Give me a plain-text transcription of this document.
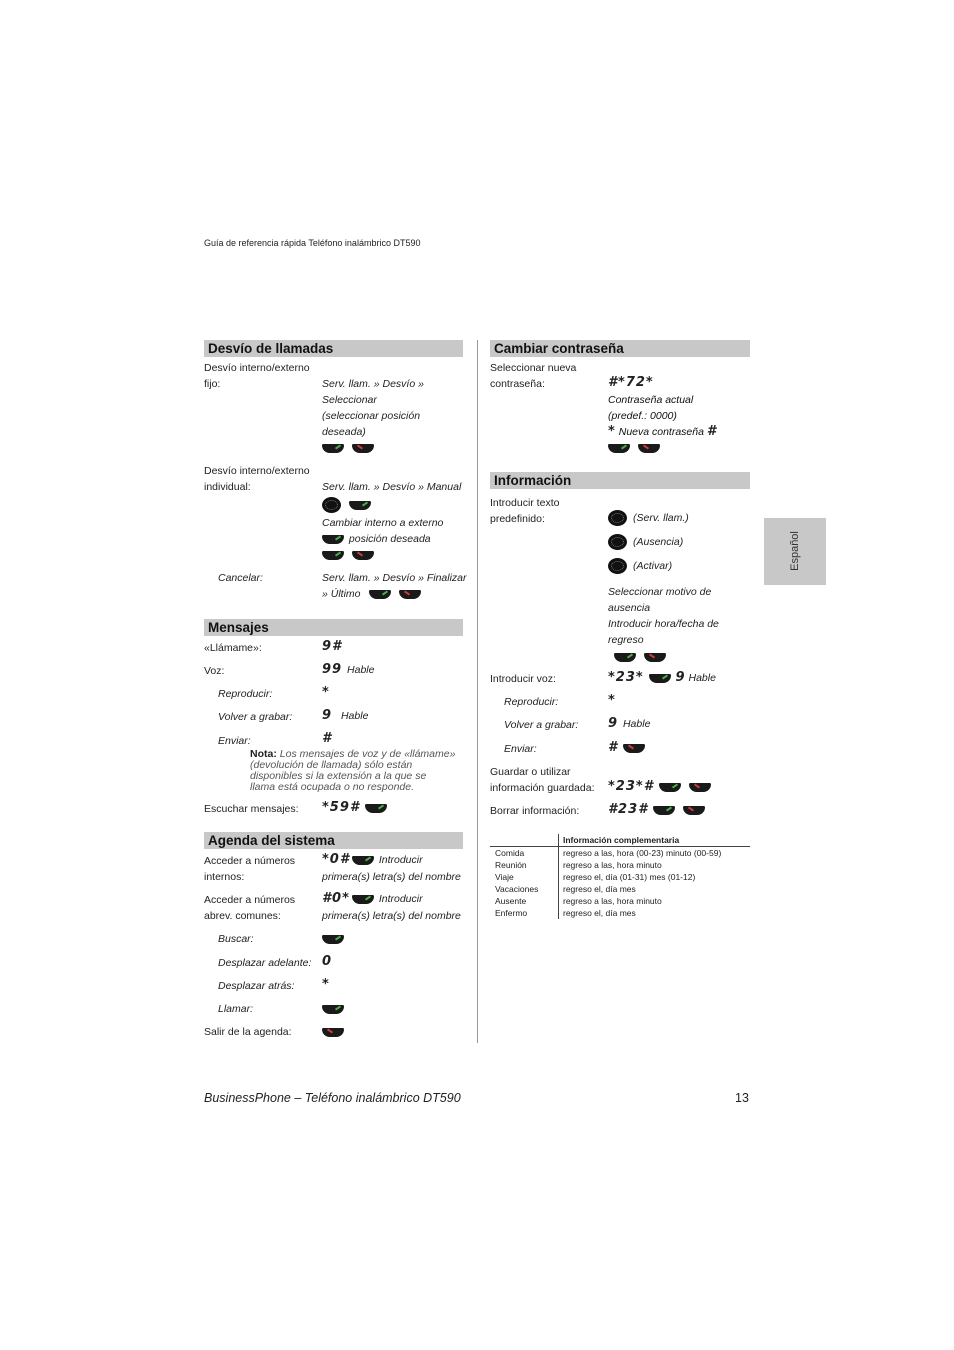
Guía de referencia rápida Teléfono inalámbrico DT590
Español
Desvío de llamadas
Desvío interno/externo
fijo:	Serv. llam. » Desvío »
Seleccionar
(seleccionar posición
deseada)
Desvío interno/externo
individual:	Serv. llam. » Desvío » Manual
Cambiar interno a externo
posición deseada
Cancelar:	Serv. llam. » Desvío » Finalizar
» Último
Mensajes
«Llámame»:	9#
Voz:	99 Hable
Reproducir:	*
Volver a grabar: 9 Hable
Enviar:	#
Nota: Los mensajes de voz y de «llámame»
(devolución de llamada) sólo están
disponibles si la extensión a la que se
llama está ocupada o no responde.
Escuchar mensajes: *59#
Agenda del sistema
Acceder a números
internos:
*0#	Introducir
primera(s) letra(s) del nombre
Acceder a números
abrev. comunes:
#0*	Introducir
primera(s) letra(s) del nombre
Buscar:
Desplazar adelante: 0
Desplazar atrás: *
Llamar:
Salir de la agenda:
Cambiar contraseña
Seleccionar nueva
contraseña:	#*72*
Contraseña actual
(predef.: 0000)
* Nueva contraseña #
Información
Introducir texto
predefinido:	(Serv. llam.)
(Ausencia)
(Activar)
Seleccionar motivo de
ausencia
Introducir hora/fecha de
regreso
Introducir voz:	*23* 9 Hable
Reproducir:	*
Volver a grabar: 9 Hable
Enviar:	#
Guardar o utilizar
información guardada: *23*#
Borrar información: #23#
Información complementaria
Comida	regreso a las, hora (00-23) minuto (00-59)
Reunión	regreso a las, hora minuto
Viaje	regreso el, día (01-31) mes (01-12)
Vacaciones	regreso el, día mes
Ausente	regreso a las, hora minuto
Enfermo	regreso el, día mes
BusinessPhone – Teléfono inalámbrico DT590	13
